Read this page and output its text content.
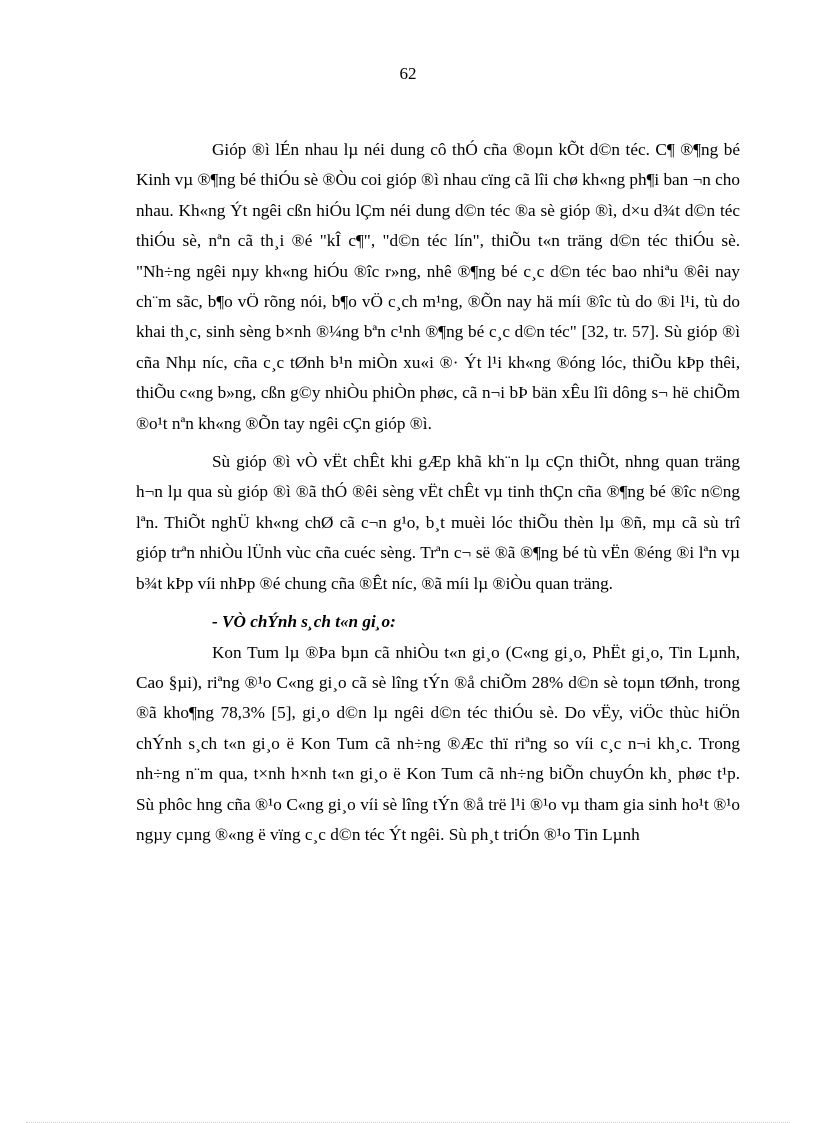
62

Gióp ®ì lÉn nhau lµ néi dung cô thÓ cña ®oµn kÕt d©n téc. C¶ ®¶ng bé Kinh vµ ®¶ng bé thiÓu sè ®Òu coi gióp ®ì nhau cïng cã lîi chø kh«ng ph¶i ban ¬n cho nhau. Kh«ng Ýt ngêi cßn hiÓu lÇm néi dung d©n téc ®a sè gióp ®ì, d×u d¾t d©n téc thiÓu sè, nªn cã th¸i ®é "kÎ c¶", "d©n téc lín", thiÕu t«n träng d©n téc thiÓu sè. "Nh÷ng ngêi nµy kh«ng hiÓu ®îc r»ng, nhê ®¶ng bé c¸c d©n téc bao nhiªu ®êi nay ch¨m sãc, b¶o vÖ rõng nói, b¶o vÖ c¸ch m¹ng, ®Õn nay hä míi ®îc tù do ®i l¹i, tù do khai th¸c, sinh sèng b×nh ®¼ng bªn c¹nh ®¶ng bé c¸c d©n téc" [32, tr. 57]. Sù gióp ®ì cña Nhµ níc, cña c¸c tØnh b¹n miÒn xu«i ®· Ýt l¹i kh«ng ®óng lóc, thiÕu kÞp thêi, thiÕu c«ng b»ng, cßn g©y nhiÒu phiÒn phøc, cã n¬i bÞ bän xÊu lîi dông s¬ hë chiÕm ®o¹t nªn kh«ng ®Õn tay ngêi cÇn gióp ®ì.

Sù gióp ®ì vÒ vËt chÊt khi gÆp khã kh¨n lµ cÇn thiÕt, nhng quan träng h¬n lµ qua sù gióp ®ì ®ã thÓ ®êi sèng vËt chÊt vµ tinh thÇn cña ®¶ng bé ®îc n©ng lªn. ThiÕt nghÜ kh«ng chØ cã c¬n g¹o, b¸t muèi lóc thiÕu thèn lµ ®ñ, mµ cã sù trî gióp trªn nhiÒu lÜnh vùc cña cuéc sèng. Trªn c¬ së ®ã ®¶ng bé tù vËn ®éng ®i lªn vµ b¾t kÞp víi nhÞp ®é chung cña ®Êt níc, ®ã míi lµ ®iÒu quan träng.

- VÒ chÝnh s¸ch t«n gi¸o:

Kon Tum lµ ®Þa bµn cã nhiÒu t«n gi¸o (C«ng gi¸o, PhËt gi¸o, Tin Lµnh, Cao §µi), riªng ®¹o C«ng gi¸o cã sè lîng tÝn ®å chiÕm 28% d©n sè toµn tØnh, trong ®ã kho¶ng 78,3% [5], gi¸o d©n lµ ngêi d©n téc thiÓu sè. Do vËy, viÖc thùc hiÖn chÝnh s¸ch t«n gi¸o ë Kon Tum cã nh÷ng ®Æc thï riªng so víi c¸c n¬i kh¸c. Trong nh÷ng n¨m qua, t×nh h×nh t«n gi¸o ë Kon Tum cã nh÷ng biÕn chuyÓn kh¸ phøc t¹p. Sù phôc hng cña ®¹o C«ng gi¸o víi sè lîng tÝn ®å trë l¹i ®¹o vµ tham gia sinh ho¹t ®¹o ngµy cµng ®«ng ë vïng c¸c d©n téc Ýt ngêi. Sù ph¸t triÓn ®¹o Tin Lµnh
